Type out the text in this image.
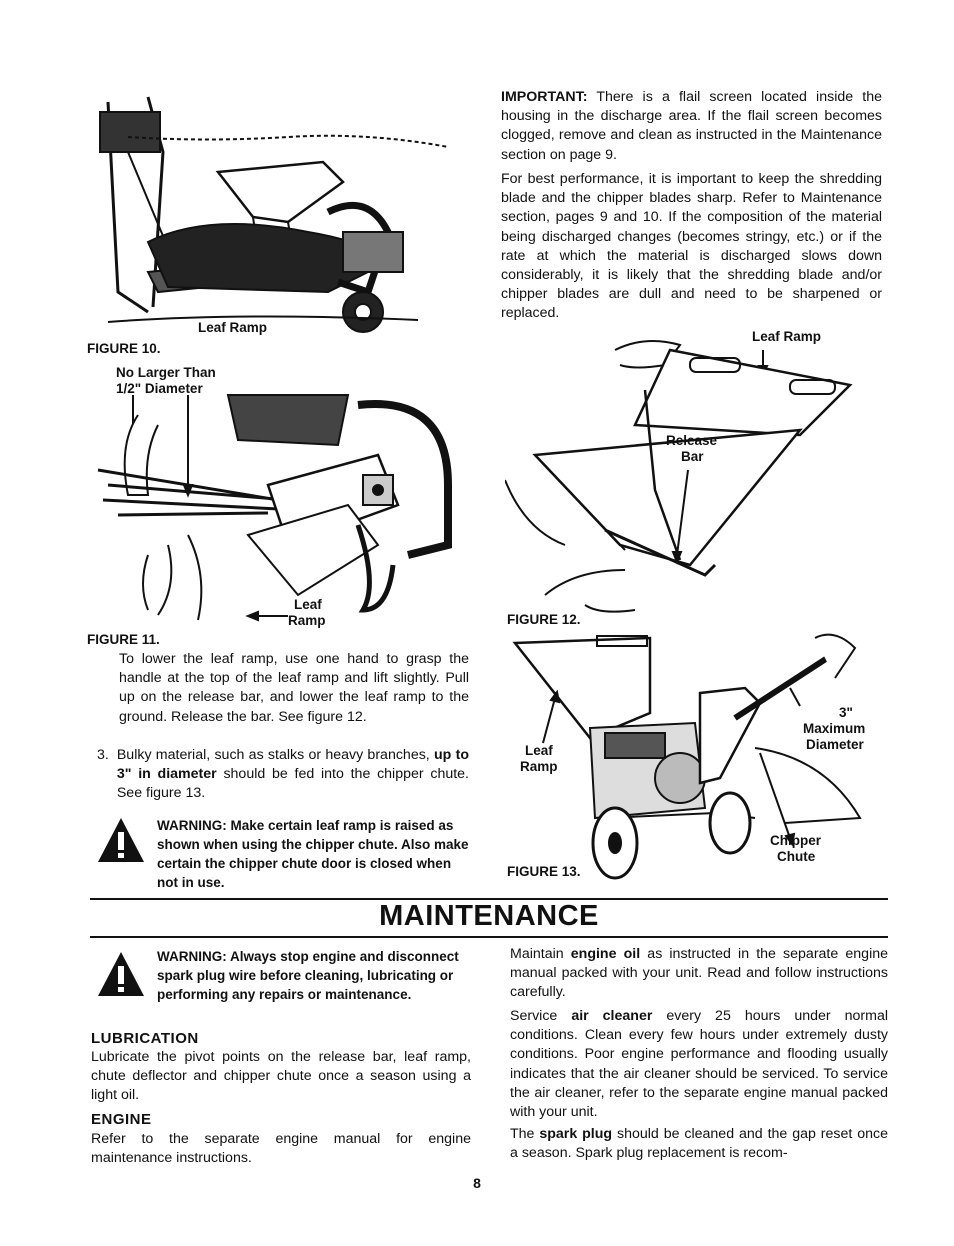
IMPORTANT: There is a flail screen located inside the housing in the discharge area. If the flail screen becomes clogged, remove and clean as instructed in the Maintenance section on page 9.

For best performance, it is important to keep the shredding blade and the chipper blades sharp. Refer to Maintenance section, pages 9 and 10. If the composition of the material being discharged changes (becomes stringy, etc.) or if the rate at which the material is discharged slows down considerably, it is likely that the shredding blade and/or chipper blades are dull and need to be sharpened or replaced.

Leaf Ramp
FIGURE 10.
No Larger Than
1/2" Diameter
Leaf
Ramp
FIGURE 11.
Leaf Ramp
Release
Bar
FIGURE 12.
3"
Maximum
Diameter
Leaf
Ramp
Chipper
Chute
FIGURE 13.

To lower the leaf ramp, use one hand to grasp the handle at the top of the leaf ramp and lift slightly. Pull up on the release bar, and lower the leaf ramp to the ground. Release the bar. See figure 12.

3. Bulky material, such as stalks or heavy branches, up to 3" in diameter should be fed into the chipper chute. See figure 13.

WARNING: Make certain leaf ramp is raised as shown when using the chipper chute. Also make certain the chipper chute door is closed when not in use.
MAINTENANCE
WARNING: Always stop engine and disconnect spark plug wire before cleaning, lubricating or performing any repairs or maintenance.
LUBRICATION

Lubricate the pivot points on the release bar, leaf ramp, chute deflector and chipper chute once a season using a light oil.

ENGINE

Refer to the separate engine manual for engine maintenance instructions.

Maintain engine oil as instructed in the separate engine manual packed with your unit. Read and follow instructions carefully.

Service air cleaner every 25 hours under normal conditions. Clean every few hours under extremely dusty conditions. Poor engine performance and flooding usually indicates that the air cleaner should be serviced. To service the air cleaner, refer to the separate engine manual packed with your unit.

The spark plug should be cleaned and the gap reset once a season. Spark plug replacement is recom-

8
